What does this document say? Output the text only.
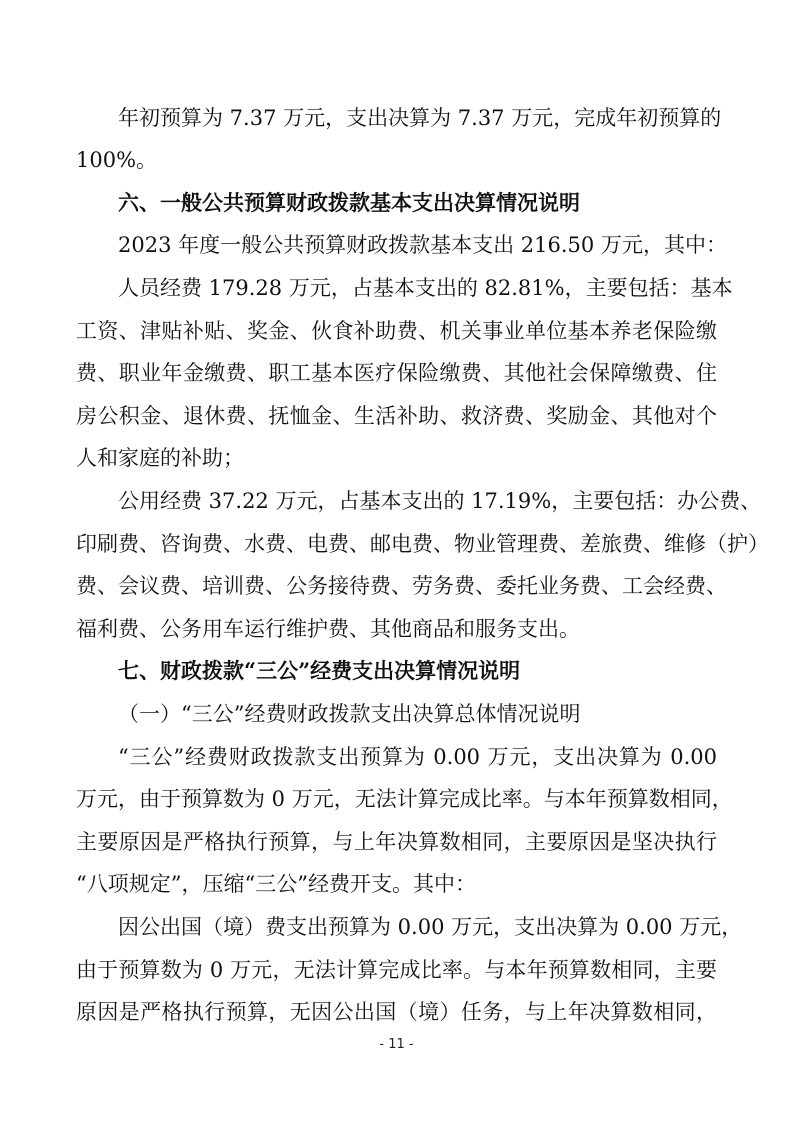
年初预算为 7.37 万元，支出决算为 7.37 万元，完成年初预算的
100%。
六、一般公共预算财政拨款基本支出决算情况说明
2023 年度一般公共预算财政拨款基本支出 216.50 万元，其中：
人员经费 179.28 万元，占基本支出的 82.81%，主要包括：基本
工资、津贴补贴、奖金、伙食补助费、机关事业单位基本养老保险缴
费、职业年金缴费、职工基本医疗保险缴费、其他社会保障缴费、住
房公积金、退休费、抚恤金、生活补助、救济费、奖励金、其他对个
人和家庭的补助；
公用经费 37.22 万元，占基本支出的 17.19%，主要包括：办公费、
印刷费、咨询费、水费、电费、邮电费、物业管理费、差旅费、维修（护）
费、会议费、培训费、公务接待费、劳务费、委托业务费、工会经费、
福利费、公务用车运行维护费、其他商品和服务支出。
七、财政拨款“三公”经费支出决算情况说明
（一）“三公”经费财政拨款支出决算总体情况说明
“三公”经费财政拨款支出预算为 0.00 万元，支出决算为 0.00
万元，由于预算数为 0 万元，无法计算完成比率。与本年预算数相同，
主要原因是严格执行预算，与上年决算数相同，主要原因是坚决执行
“八项规定”，压缩“三公”经费开支。其中：
因公出国（境）费支出预算为 0.00 万元，支出决算为 0.00 万元，
由于预算数为 0 万元，无法计算完成比率。与本年预算数相同，主要
原因是严格执行预算，无因公出国（境）任务，与上年决算数相同，
- 11 -
